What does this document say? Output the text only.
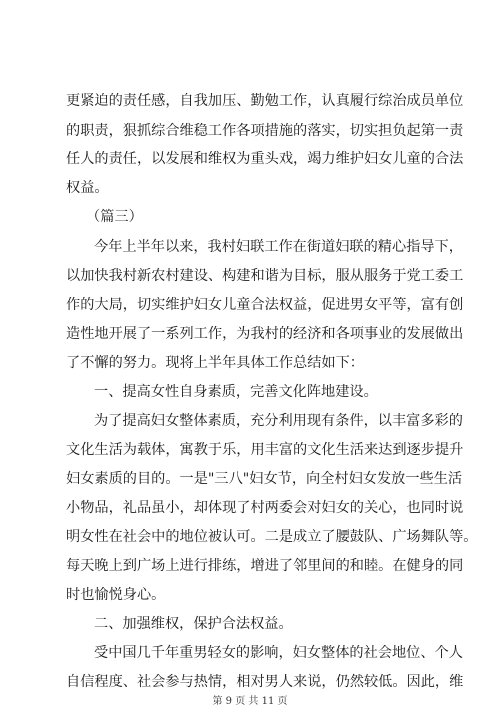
更紧迫的责任感，自我加压、勤勉工作，认真履行综治成员单位
的职责，狠抓综合维稳工作各项措施的落实，切实担负起第一责
任人的责任，以发展和维权为重头戏，竭力维护妇女儿童的合法
权益。
（篇三）
今年上半年以来，我村妇联工作在街道妇联的精心指导下，
以加快我村新农村建设、构建和谐为目标，服从服务于党工委工
作的大局，切实维护妇女儿童合法权益，促进男女平等，富有创
造性地开展了一系列工作，为我村的经济和各项事业的发展做出
了不懈的努力。现将上半年具体工作总结如下：
一、提高女性自身素质，完善文化阵地建设。
为了提高妇女整体素质，充分利用现有条件，以丰富多彩的
文化生活为载体，寓教于乐，用丰富的文化生活来达到逐步提升
妇女素质的目的。一是"三八"妇女节，向全村妇女发放一些生活
小物品，礼品虽小，却体现了村两委会对妇女的关心，也同时说
明女性在社会中的地位被认可。二是成立了腰鼓队、广场舞队等。
每天晚上到广场上进行排练，增进了邻里间的和睦。在健身的同
时也愉悦身心。
二、加强维权，保护合法权益。
受中国几千年重男轻女的影响，妇女整体的社会地位、个人
自信程度、社会参与热情，相对男人来说，仍然较低。因此，维
第 9 页 共 11 页
